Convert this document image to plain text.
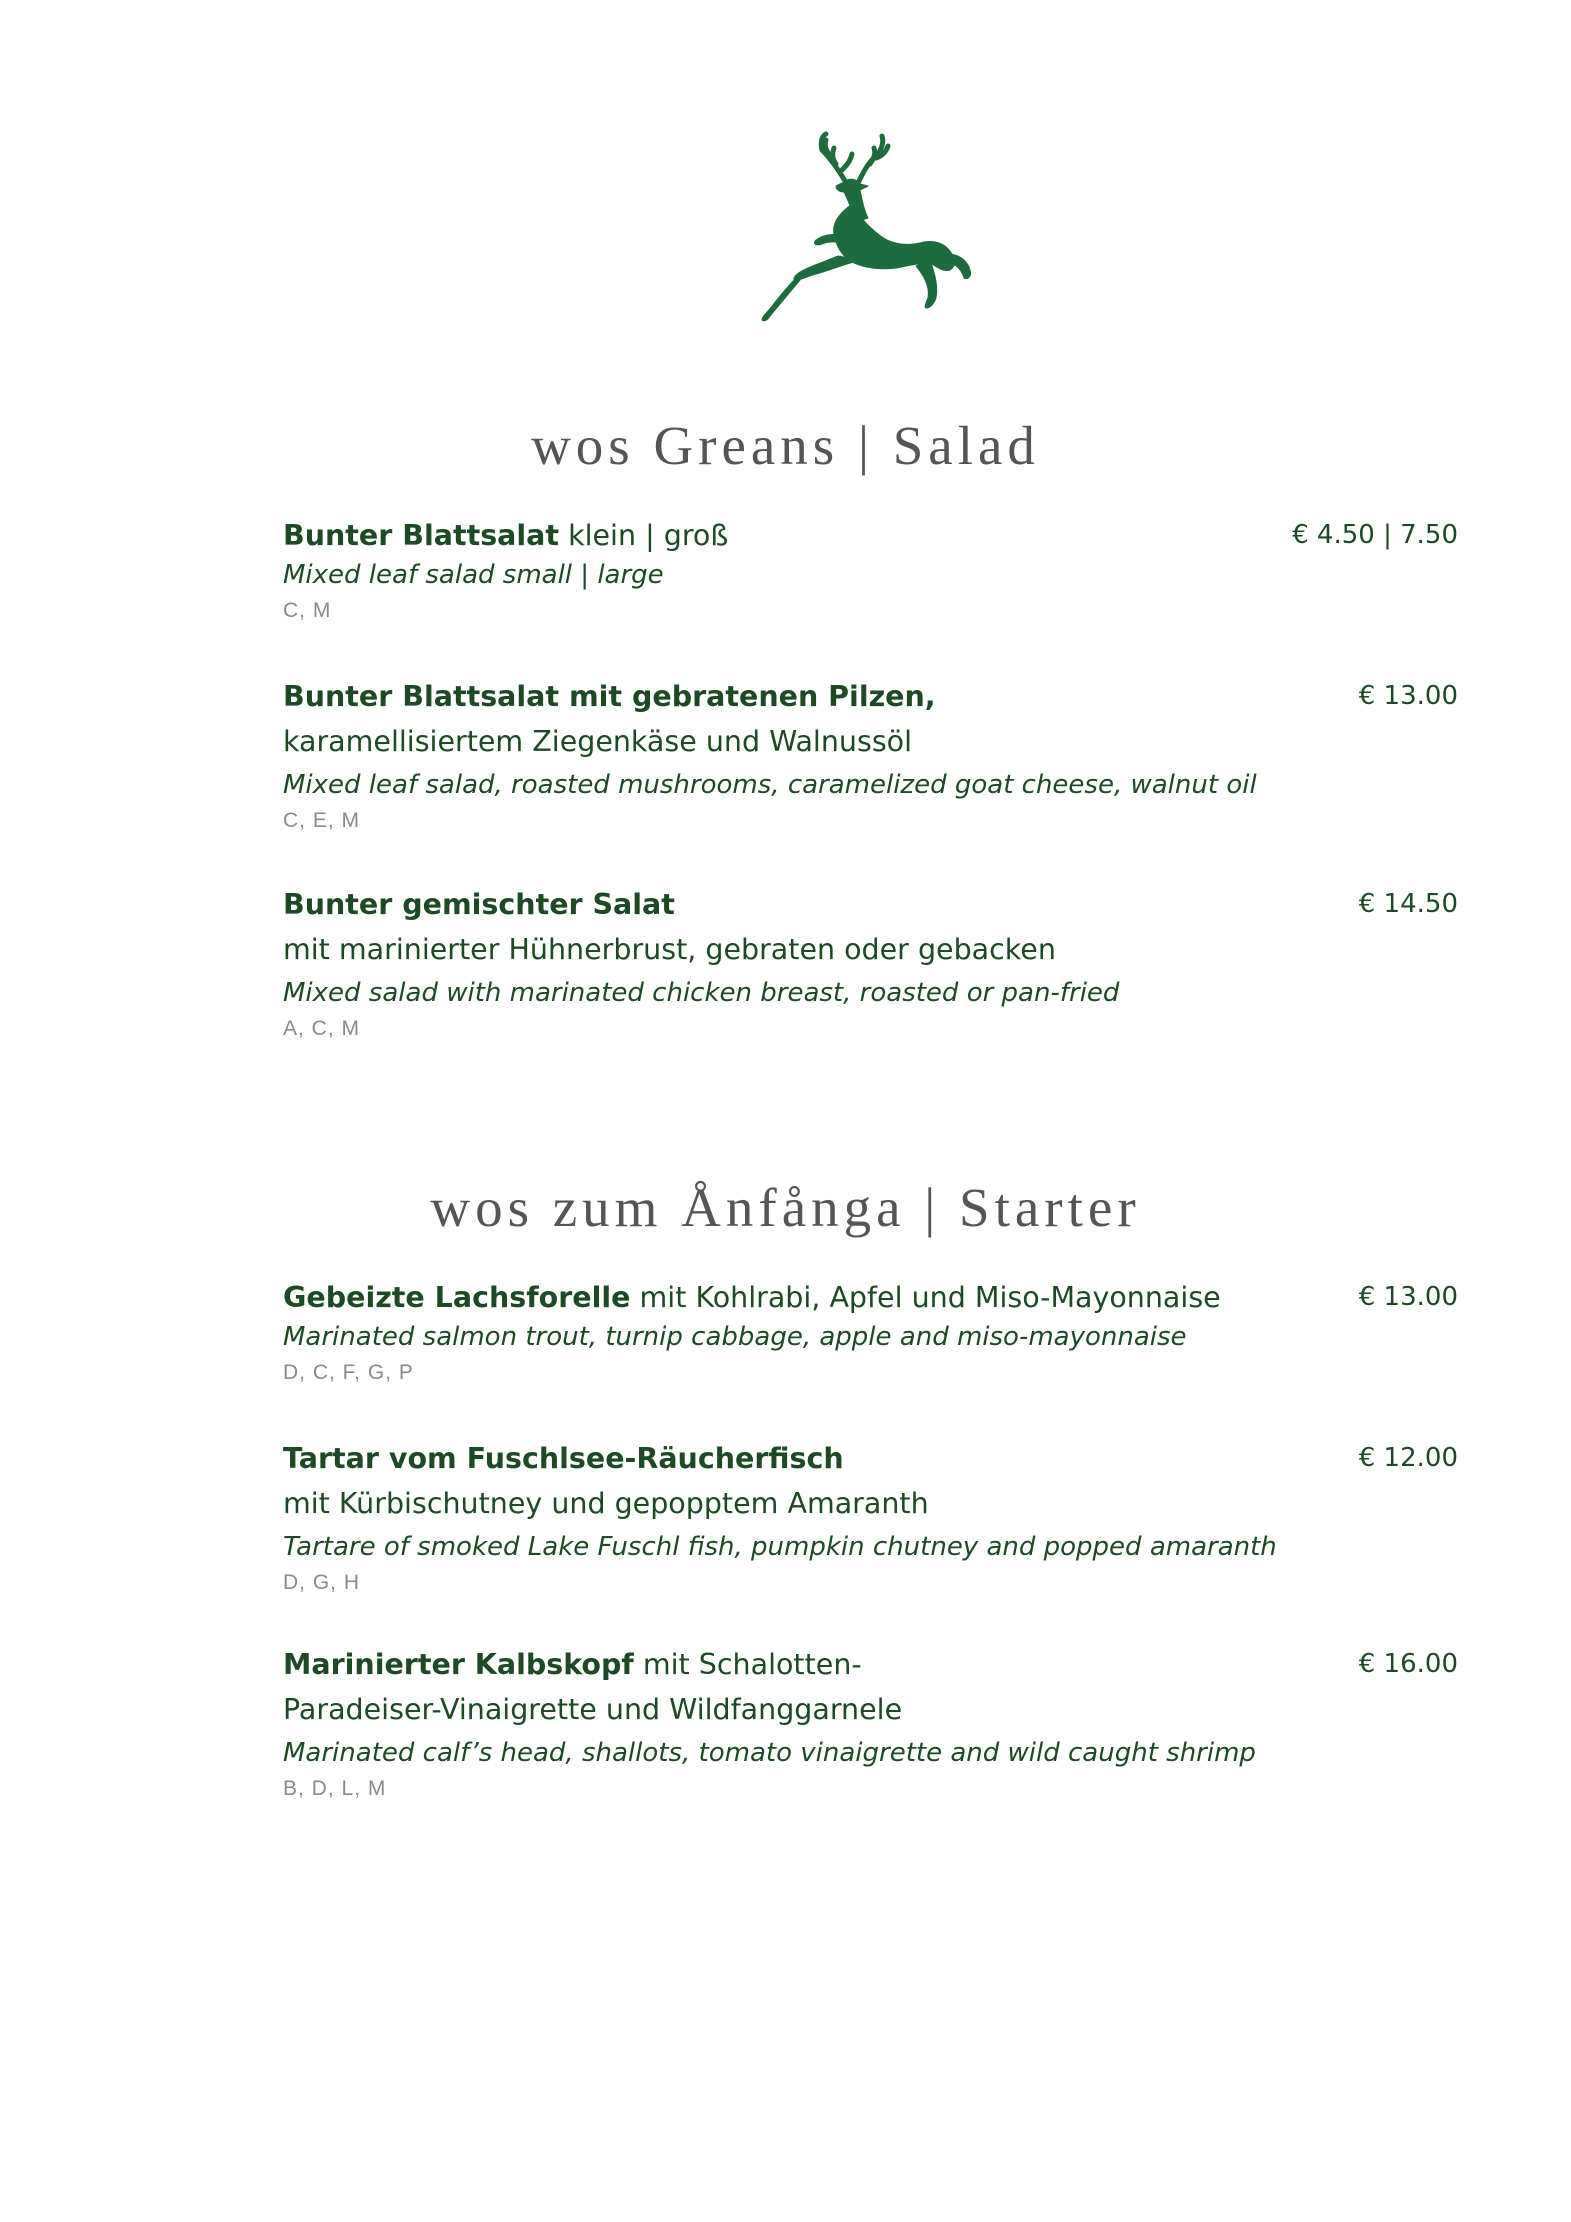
wos Greans | Salad
Bunter Blattsalat klein | groß
Mixed leaf salad small | large
C, M
€ 4.50 | 7.50
Bunter Blattsalat mit gebratenen Pilzen,
karamellisiertem Ziegenkäse und Walnussöl
Mixed leaf salad, roasted mushrooms, caramelized goat cheese, walnut oil
C, E, M
€ 13.00
Bunter gemischter Salat
mit marinierter Hühnerbrust, gebraten oder gebacken
Mixed salad with marinated chicken breast, roasted or pan-fried
A, C, M
€ 14.50
wos zum Ånfånga | Starter
Gebeizte Lachsforelle mit Kohlrabi, Apfel und Miso-Mayonnaise
Marinated salmon trout, turnip cabbage, apple and miso-mayonnaise
D, C, F, G, P
€ 13.00
Tartar vom Fuschlsee-Räucherfisch
mit Kürbischutney und gepopptem Amaranth
Tartare of smoked Lake Fuschl fish, pumpkin chutney and popped amaranth
D, G, H
€ 12.00
Marinierter Kalbskopf mit Schalotten-
Paradeiser-Vinaigrette und Wildfanggarnele
Marinated calf’s head, shallots, tomato vinaigrette and wild caught shrimp
B, D, L, M
€ 16.00
